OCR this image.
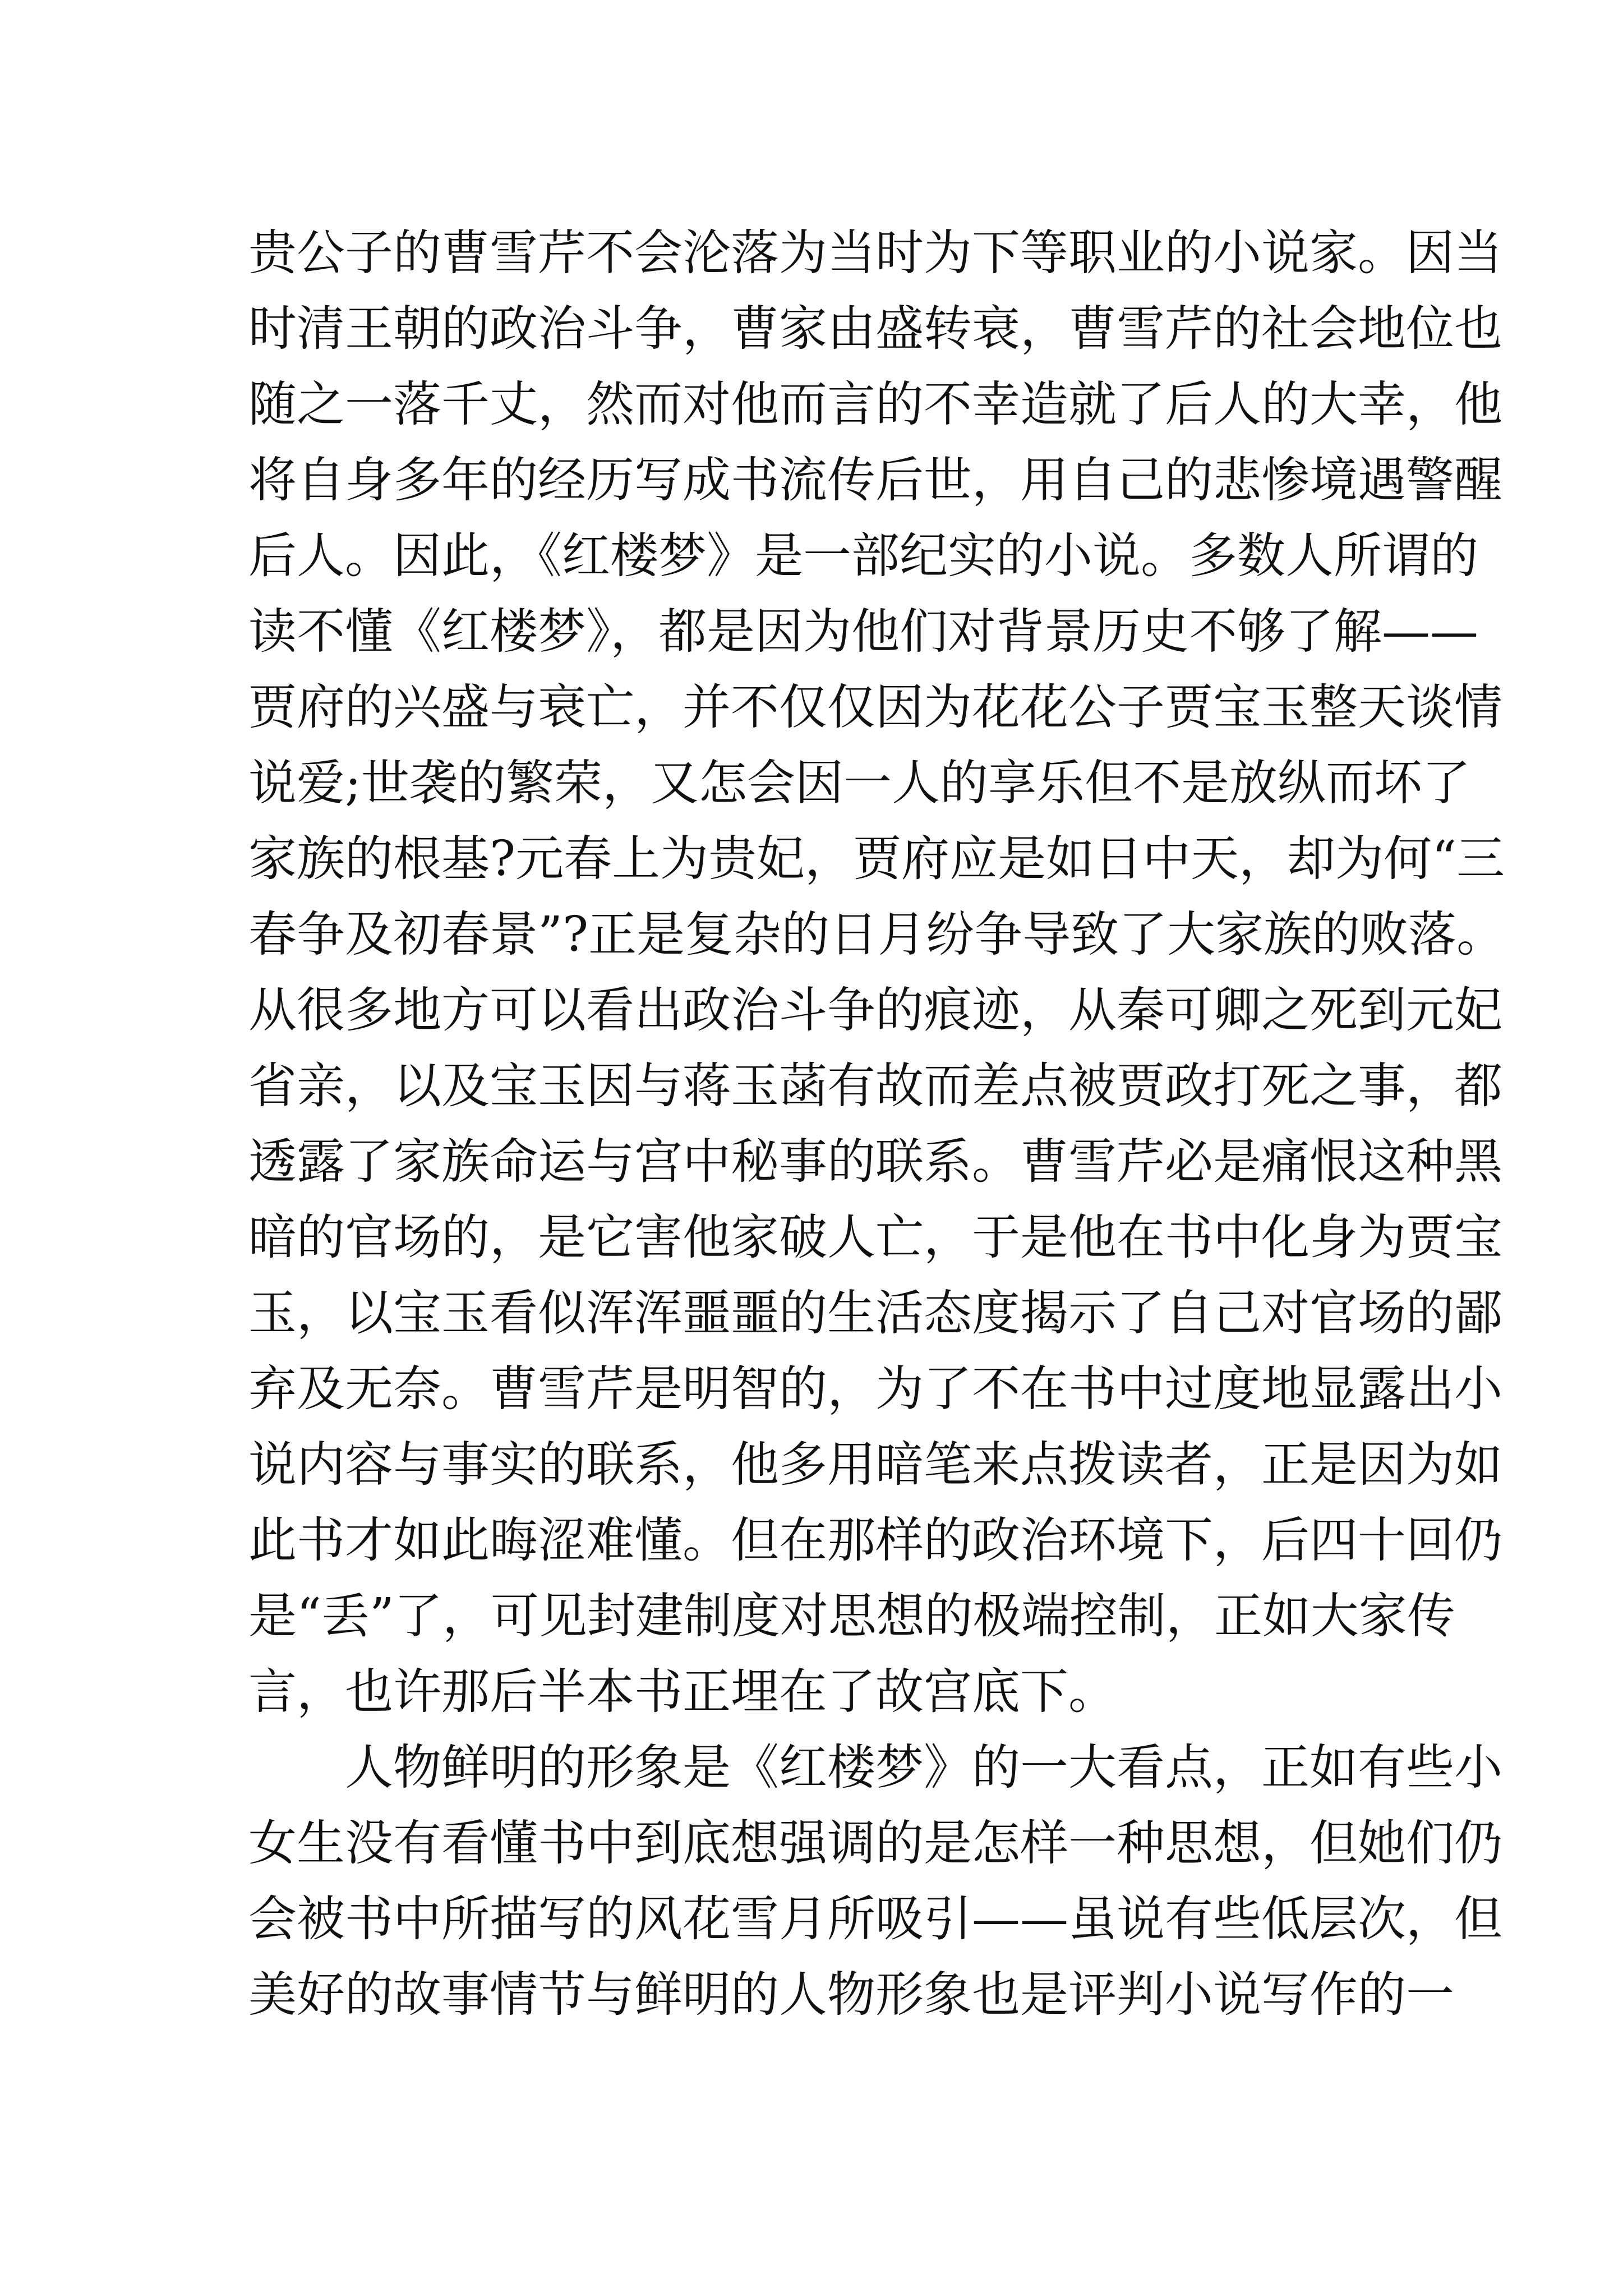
贵公子的曹雪芹不会沦落为当时为下等职业的小说家。因当
时清王朝的政治斗争，曹家由盛转衰，曹雪芹的社会地位也
随之一落千丈，然而对他而言的不幸造就了后人的大幸，他
将自身多年的经历写成书流传后世，用自己的悲惨境遇警醒
后人。因此，《红楼梦》是一部纪实的小说。多数人所谓的
读不懂《红楼梦》，都是因为他们对背景历史不够了解——
贾府的兴盛与衰亡，并不仅仅因为花花公子贾宝玉整天谈情
说爱;世袭的繁荣，又怎会因一人的享乐但不是放纵而坏了
家族的根基?元春上为贵妃，贾府应是如日中天，却为何“三
春争及初春景”?正是复杂的日月纷争导致了大家族的败落。
从很多地方可以看出政治斗争的痕迹，从秦可卿之死到元妃
省亲，以及宝玉因与蒋玉菡有故而差点被贾政打死之事，都
透露了家族命运与宫中秘事的联系。曹雪芹必是痛恨这种黑
暗的官场的，是它害他家破人亡，于是他在书中化身为贾宝
玉，以宝玉看似浑浑噩噩的生活态度揭示了自己对官场的鄙
弃及无奈。曹雪芹是明智的，为了不在书中过度地显露出小
说内容与事实的联系，他多用暗笔来点拨读者，正是因为如
此书才如此晦涩难懂。但在那样的政治环境下，后四十回仍
是“丢”了，可见封建制度对思想的极端控制，正如大家传
言，也许那后半本书正埋在了故宫底下。
人物鲜明的形象是《红楼梦》的一大看点，正如有些小
女生没有看懂书中到底想强调的是怎样一种思想，但她们仍
会被书中所描写的风花雪月所吸引——虽说有些低层次，但
美好的故事情节与鲜明的人物形象也是评判小说写作的一
